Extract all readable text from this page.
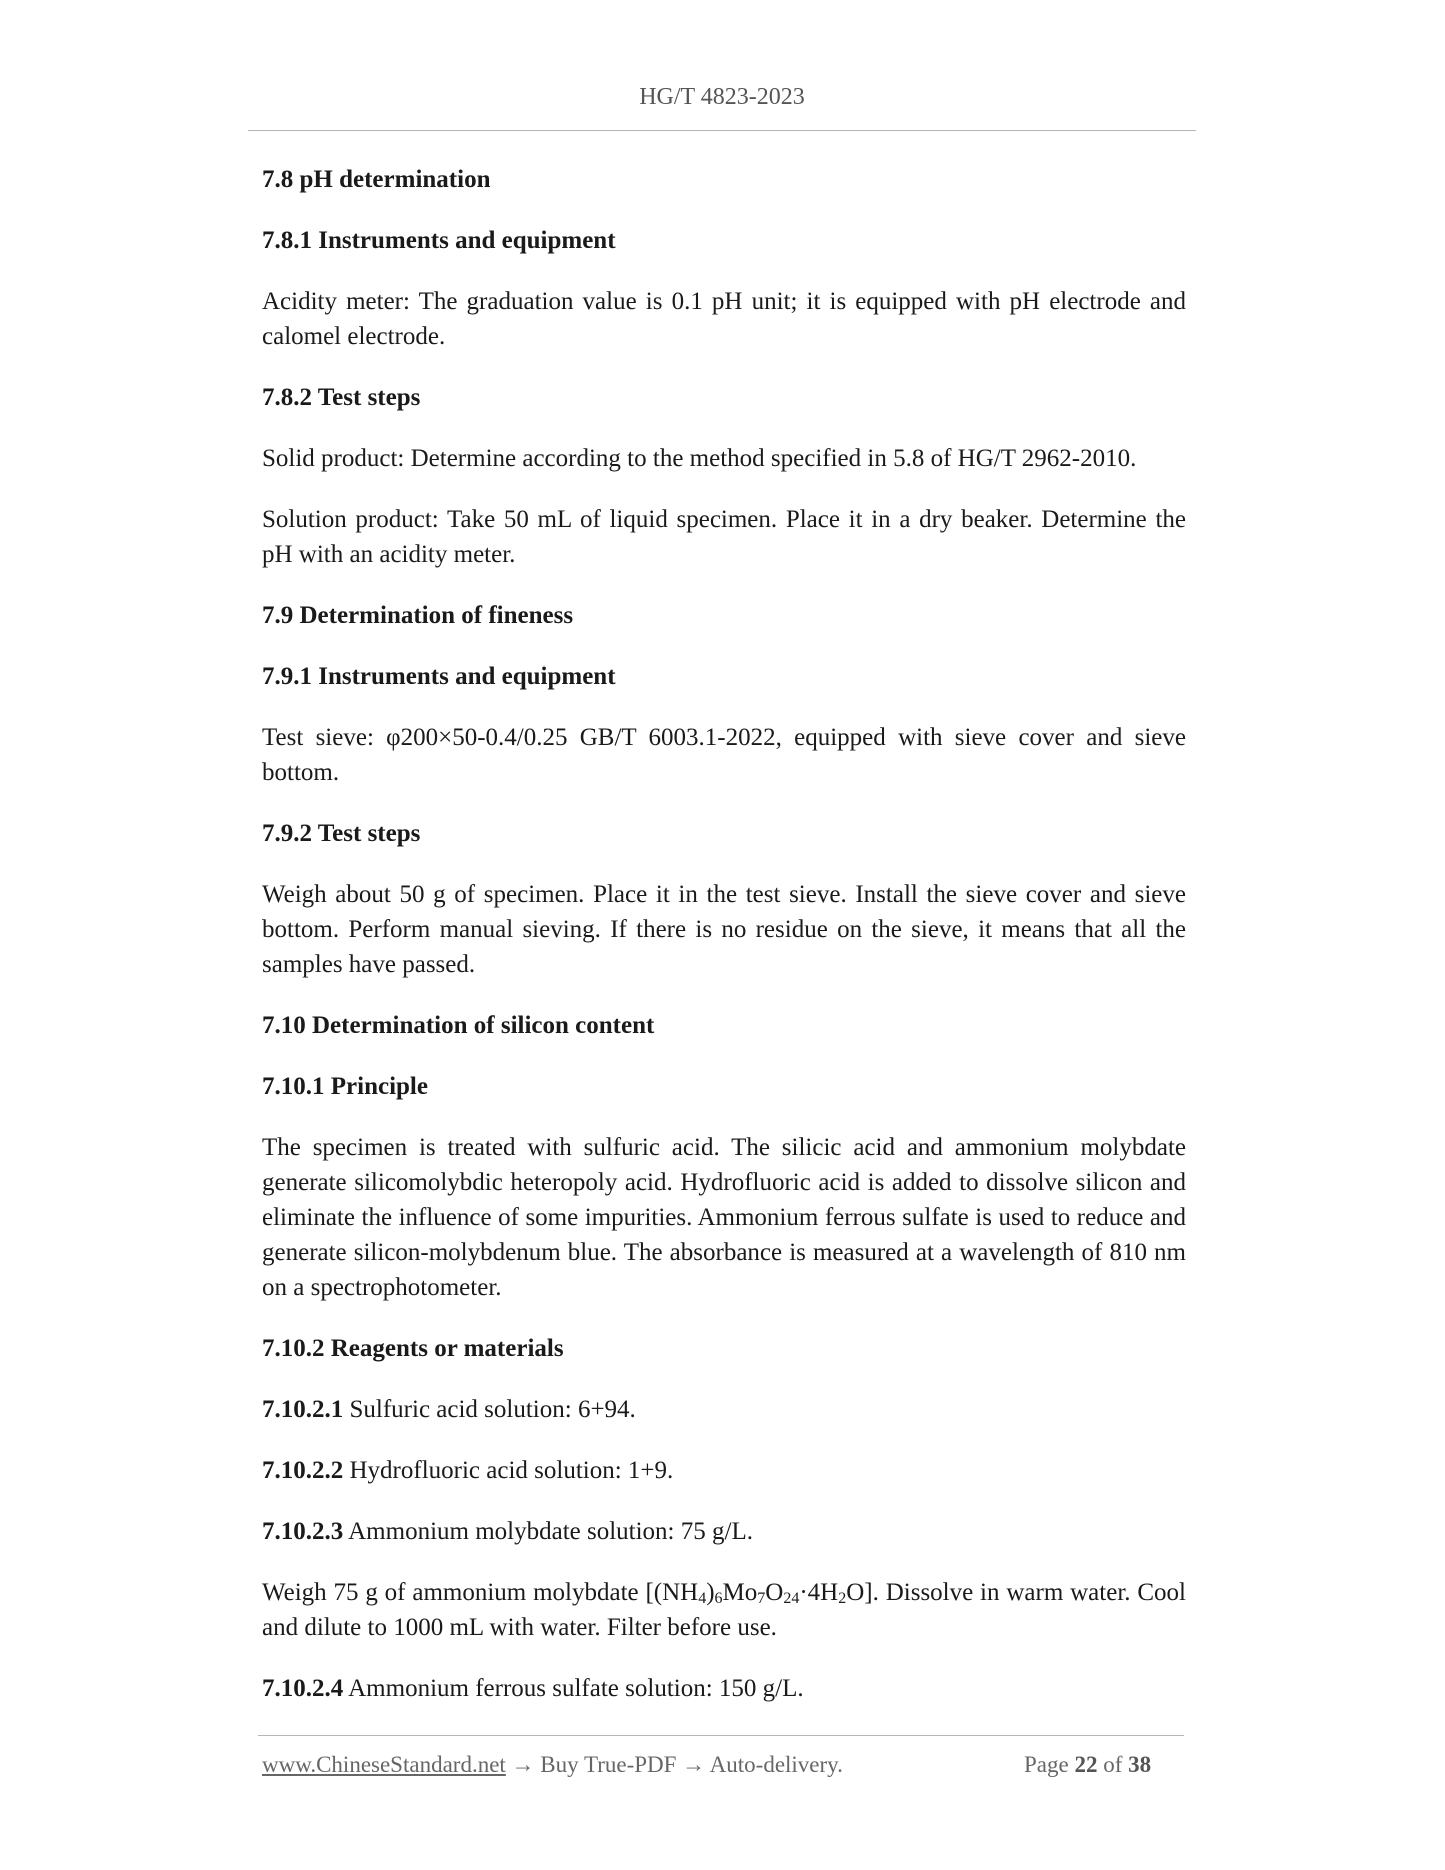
HG/T 4823-2023
7.8 pH determination
7.8.1 Instruments and equipment
Acidity meter: The graduation value is 0.1 pH unit; it is equipped with pH electrode and calomel electrode.
7.8.2 Test steps
Solid product: Determine according to the method specified in 5.8 of HG/T 2962-2010.
Solution product: Take 50 mL of liquid specimen. Place it in a dry beaker. Determine the pH with an acidity meter.
7.9 Determination of fineness
7.9.1 Instruments and equipment
Test sieve: φ200×50-0.4/0.25 GB/T 6003.1-2022, equipped with sieve cover and sieve bottom.
7.9.2 Test steps
Weigh about 50 g of specimen. Place it in the test sieve. Install the sieve cover and sieve bottom. Perform manual sieving. If there is no residue on the sieve, it means that all the samples have passed.
7.10 Determination of silicon content
7.10.1 Principle
The specimen is treated with sulfuric acid. The silicic acid and ammonium molybdate generate silicomolybdic heteropoly acid. Hydrofluoric acid is added to dissolve silicon and eliminate the influence of some impurities. Ammonium ferrous sulfate is used to reduce and generate silicon-molybdenum blue. The absorbance is measured at a wavelength of 810 nm on a spectrophotometer.
7.10.2 Reagents or materials
7.10.2.1 Sulfuric acid solution: 6+94.
7.10.2.2 Hydrofluoric acid solution: 1+9.
7.10.2.3 Ammonium molybdate solution: 75 g/L.
Weigh 75 g of ammonium molybdate $[(NH_4)_6Mo_7O_{24}\cdot 4H_2O]$. Dissolve in warm water. Cool and dilute to 1000 mL with water. Filter before use.
7.10.2.4 Ammonium ferrous sulfate solution: 150 g/L.
www.ChineseStandard.net → Buy True-PDF → Auto-delivery.	Page 22 of 38
